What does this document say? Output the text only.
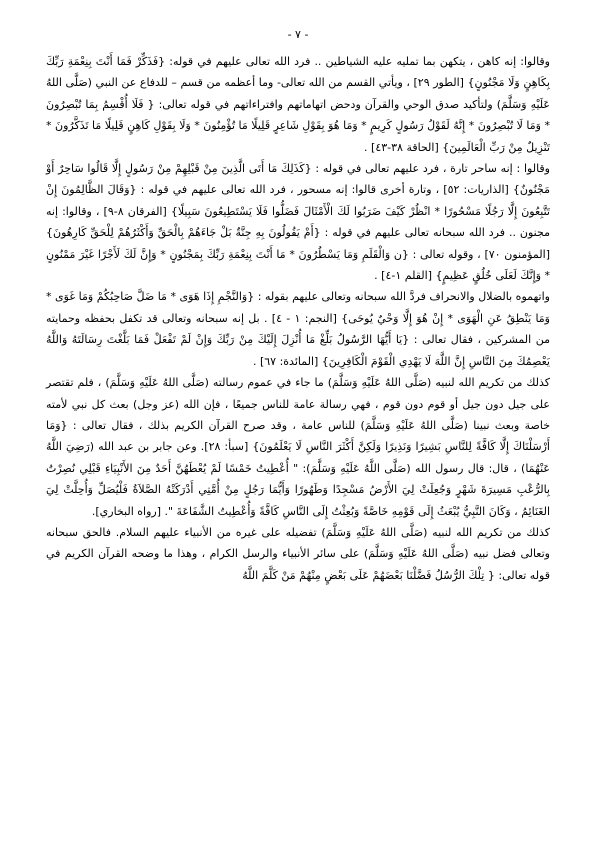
- ٧ -

وقالوا: إنه كاهن ، يتكهن بما تمليه عليه الشياطين .. فرد الله تعالى عليهم في قوله: {فَذَكِّرْ فَمَا أَنْتَ بِنِعْمَةِ رَبِّكَ بِكَاهِنٍ وَلَا مَجْنُونٍ} [الطور ٢٩] ، ويأتي القسم من الله تعالى- وما أعظمه من قسم – للدفاع عن النبي (صَلَّى اللهُ عَلَيْهِ وَسَلَّمَ) ولتأكيد صدق الوحي والقرآن ودحض اتهاماتهم وافتراءاتهم في قوله تعالى: { فَلَا أُقْسِمُ بِمَا تُبْصِرُونَ * وَمَا لَا تُبْصِرُونَ * إِنَّهُ لَقَوْلُ رَسُولٍ كَرِيمٍ * وَمَا هُوَ بِقَوْلِ شَاعِرٍ قَلِيلًا مَا تُؤْمِنُونَ * وَلَا بِقَوْلِ كَاهِنٍ قَلِيلًا مَا تَذَكَّرُونَ * تَنْزِيلٌ مِنْ رَبِّ الْعَالَمِينَ} [الحاقة ٣٨-٤٣] .

وقالوا : إنه ساحر تارة ، فرد عليهم تعالى في قوله : {كَذَلِكَ مَا أَتَى الَّذِينَ مِنْ قَبْلِهِمْ مِنْ رَسُولٍ إِلَّا قَالُوا سَاحِرٌ أَوْ مَجْنُونٌ} [الذاريات: ٥٢] ، وتارة أخرى قالوا: إنه مسحور ، فرد الله تعالى عليهم في قوله : {وَقَالَ الظَّالِمُونَ إِنْ تَتَّبِعُونَ إِلَّا رَجُلًا مَسْحُورًا * انْظُرْ كَيْفَ ضَرَبُوا لَكَ الْأَمْثَالَ فَضَلُّوا فَلَا يَسْتَطِيعُونَ سَبِيلًا} [الفرقان ٨-٩] ، وقالوا: إنه مجنون .. فرد الله سبحانه تعالى عليهم في قوله : {أَمْ يَقُولُونَ بِهِ جِنَّةٌ بَلْ جَاءَهُمْ بِالْحَقِّ وَأَكْثَرُهُمْ لِلْحَقِّ كَارِهُونَ} [المؤمنون ٧٠] ، وقوله تعالى : {ن وَالْقَلَمِ وَمَا يَسْطُرُونَ * مَا أَنْتَ بِنِعْمَةِ رَبِّكَ بِمَجْنُونٍ * وَإِنَّ لَكَ لَأَجْرًا غَيْرَ مَمْنُونٍ * وَإِنَّكَ لَعَلَى خُلُقٍ عَظِيمٍ} [القلم ١-٤] .

واتهموه بالضلال والانحراف فردَّ الله سبحانه وتعالى عليهم بقوله : {وَالنَّجْمِ إِذَا هَوَى * مَا ضَلَّ صَاحِبُكُمْ وَمَا غَوَى * وَمَا يَنْطِقُ عَنِ الْهَوَى * إِنْ هُوَ إِلَّا وَحْيٌ يُوحَى} [النجم: ١ - ٤] . بل إنه سبحانه وتعالى قد تكفل بحفظه وحمايته من المشركين ، فقال تعالى : {يَا أَيُّهَا الرَّسُولُ بَلِّغْ مَا أُنْزِلَ إِلَيْكَ مِنْ رَبِّكَ وَإِنْ لَمْ تَفْعَلْ فَمَا بَلَّغْتَ رِسَالَتَهُ وَاللَّهُ يَعْصِمُكَ مِنَ النَّاسِ إِنَّ اللَّهَ لَا يَهْدِي الْقَوْمَ الْكَافِرِينَ} [المائدة: ٦٧] .

كذلك من تكريم الله لنبيه (صَلَّى اللهُ عَلَيْهِ وَسَلَّمَ) ما جاء في عموم رسالته (صَلَّى اللهُ عَلَيْهِ وَسَلَّمَ) ، فلم تقتصر على جيل دون جيل أو قوم دون قوم ، فهي رسالة عامة للناس جميعًا ، فإن الله (عز وجل) بعث كل نبي لأمته خاصة وبعث نبينا (صَلَّى اللهُ عَلَيْهِ وَسَلَّمَ) للناس عامة ، وقد صرح القرآن الكريم بذلك ، فقال تعالى : {وَمَا أَرْسَلْنَاكَ إِلَّا كَافَّةً لِلنَّاسِ بَشِيرًا وَنَذِيرًا وَلَكِنَّ أَكْثَرَ النَّاسِ لَا يَعْلَمُونَ} [سبأ: ٢٨]. وعن جابر بن عبد الله (رَضِيَ اللَّهُ عَنْهُمَا) ، قال: قال رسول الله (صَلَّى اللَّهُ عَلَيْهِ وَسَلَّمَ): " أُعْطِيتُ خَمْسًا لَمْ يُعْطَهُنَّ أَحَدٌ مِنَ الأَنْبِيَاءِ قَبْلِي نُصِرْتُ بِالرُّعْبِ مَسِيرَةَ شَهْرٍ وَجُعِلَتْ لِيَ الأَرْضُ مَسْجِدًا وَطَهُورًا وَأَيُّمَا رَجُلٍ مِنْ أُمَّتِي أَدْرَكَتْهُ الصَّلاَةُ فَلْيُصَلِّ وَأُحِلَّتْ لِيَ الغَنَائِمُ ، وَكَانَ النَّبِيُّ يُبْعَثُ إِلَى قَوْمِهِ خَاصَّةً وَبُعِثْتُ إِلَى النَّاسِ كَافَّةً وَأُعْطِيتُ الشَّفَاعَةَ ". [رواه البخاري].

كذلك من تكريم الله لنبيه (صَلَّى اللهُ عَلَيْهِ وَسَلَّمَ) تفضيله على غيره من الأنبياء عليهم السلام. فالحق سبحانه وتعالى فضل نبيه (صَلَّى اللهُ عَلَيْهِ وَسَلَّمَ) على سائر الأنبياء والرسل الكرام ، وهذا ما وضحه القرآن الكريم في قوله تعالى: { تِلْكَ الرُّسُلُ فَضَّلْنَا بَعْضَهُمْ عَلَى بَعْضٍ مِنْهُمْ مَنْ كَلَّمَ اللَّهُ
